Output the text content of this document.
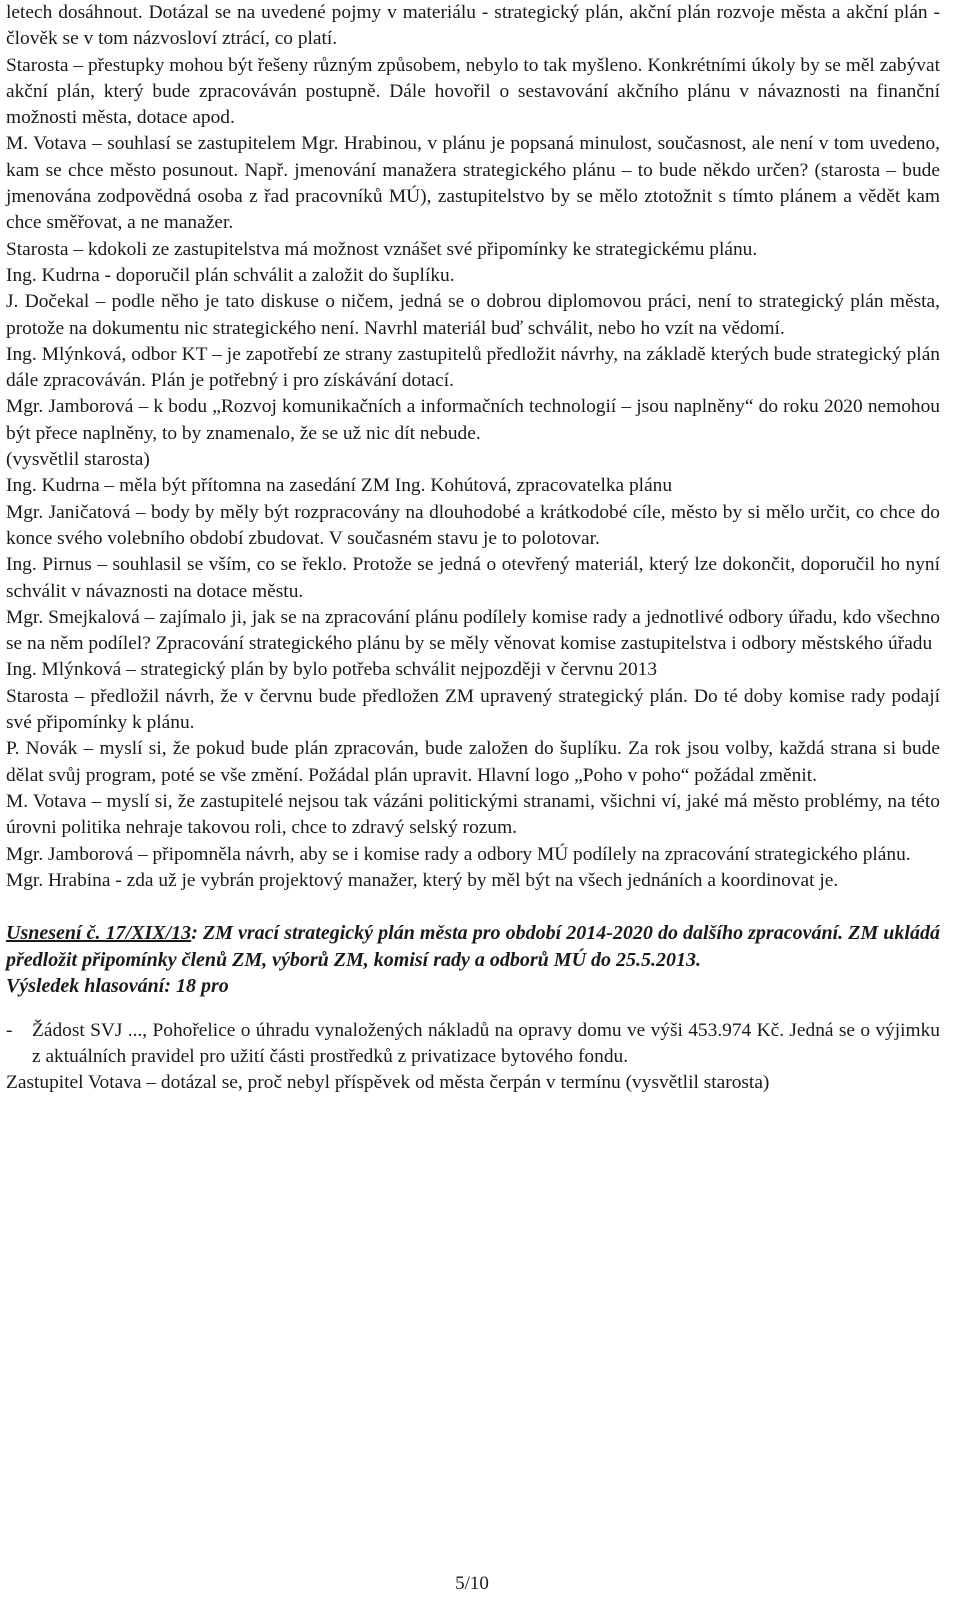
letech dosáhnout. Dotázal se na uvedené pojmy v materiálu - strategický plán, akční plán rozvoje města a akční plán - člověk se v tom názvosloví ztrácí, co platí.

Starosta – přestupky mohou být řešeny různým způsobem, nebylo to tak myšleno. Konkrétními úkoly by se měl zabývat akční plán, který bude zpracováván postupně. Dále hovořil o sestavování akčního plánu v návaznosti na finanční možnosti města, dotace apod.

M. Votava – souhlasí se zastupitelem Mgr. Hrabinou, v plánu je popsaná minulost, současnost, ale není v tom uvedeno, kam se chce město posunout. Např. jmenování manažera strategického plánu – to bude někdo určen? (starosta – bude jmenována zodpovědná osoba z řad pracovníků MÚ), zastupitelstvo by se mělo ztotožnit s tímto plánem a vědět kam chce směřovat, a ne manažer.

Starosta – kdokoli ze zastupitelstva má možnost vznášet své připomínky ke strategickému plánu.

Ing. Kudrna - doporučil plán schválit a založit do šuplíku.

J. Dočekal – podle něho je tato diskuse o ničem, jedná se o dobrou diplomovou práci, není to strategický plán města, protože na dokumentu nic strategického není. Navrhl materiál buď schválit, nebo ho vzít na vědomí.

Ing. Mlýnková, odbor KT – je zapotřebí ze strany zastupitelů předložit návrhy, na základě kterých bude strategický plán dále zpracováván. Plán je potřebný i pro získávání dotací.

Mgr. Jamborová – k bodu „Rozvoj komunikačních a informačních technologií – jsou naplněny“ do roku 2020 nemohou být přece naplněny, to by znamenalo, že se už nic dít nebude.

(vysvětlil starosta)

Ing. Kudrna – měla být přítomna na zasedání ZM Ing. Kohútová, zpracovatelka plánu

Mgr. Janičatová – body by měly být rozpracovány na dlouhodobé a krátkodobé cíle, město by si mělo určit, co chce do konce svého volebního období zbudovat. V současném stavu je to polotovar.

Ing. Pirnus – souhlasil se vším, co se řeklo. Protože se jedná o otevřený materiál, který lze dokončit, doporučil ho nyní schválit v návaznosti na dotace městu.

Mgr. Smejkalová – zajímalo ji, jak se na zpracování plánu podílely komise rady a jednotlivé odbory úřadu, kdo všechno se na něm podílel? Zpracování strategického plánu by se měly věnovat komise zastupitelstva i odbory městského úřadu

Ing. Mlýnková – strategický plán by bylo potřeba schválit nejpozději v červnu 2013

Starosta – předložil návrh, že v červnu bude předložen ZM upravený strategický plán. Do té doby komise rady podají své připomínky k plánu.

P. Novák – myslí si, že pokud bude plán zpracován, bude založen do šuplíku. Za rok jsou volby, každá strana si bude dělat svůj program, poté se vše změní. Požádal plán upravit. Hlavní logo „Poho v poho“ požádal změnit.

M. Votava – myslí si, že zastupitelé nejsou tak vázáni politickými stranami, všichni ví, jaké má město problémy, na této úrovni politika nehraje takovou roli, chce to zdravý selský rozum.

Mgr. Jamborová – připomněla návrh, aby se i komise rady a odbory MÚ podílely na zpracování strategického plánu.

Mgr. Hrabina - zda už je vybrán projektový manažer, který by měl být na všech jednáních a koordinovat je.

Usnesení č. 17/XIX/13: ZM vrací strategický plán města pro období 2014-2020 do dalšího zpracování. ZM ukládá předložit připomínky členů ZM, výborů ZM, komisí rady a odborů MÚ do 25.5.2013.

Výsledek hlasování: 18 pro

-	Žádost SVJ ..., Pohořelice o úhradu vynaložených nákladů na opravy domu ve výši 453.974 Kč. Jedná se o výjimku z aktuálních pravidel pro užití části prostředků z privatizace bytového fondu.

Zastupitel Votava – dotázal se, proč nebyl příspěvek od města čerpán v termínu (vysvětlil starosta)

5/10
